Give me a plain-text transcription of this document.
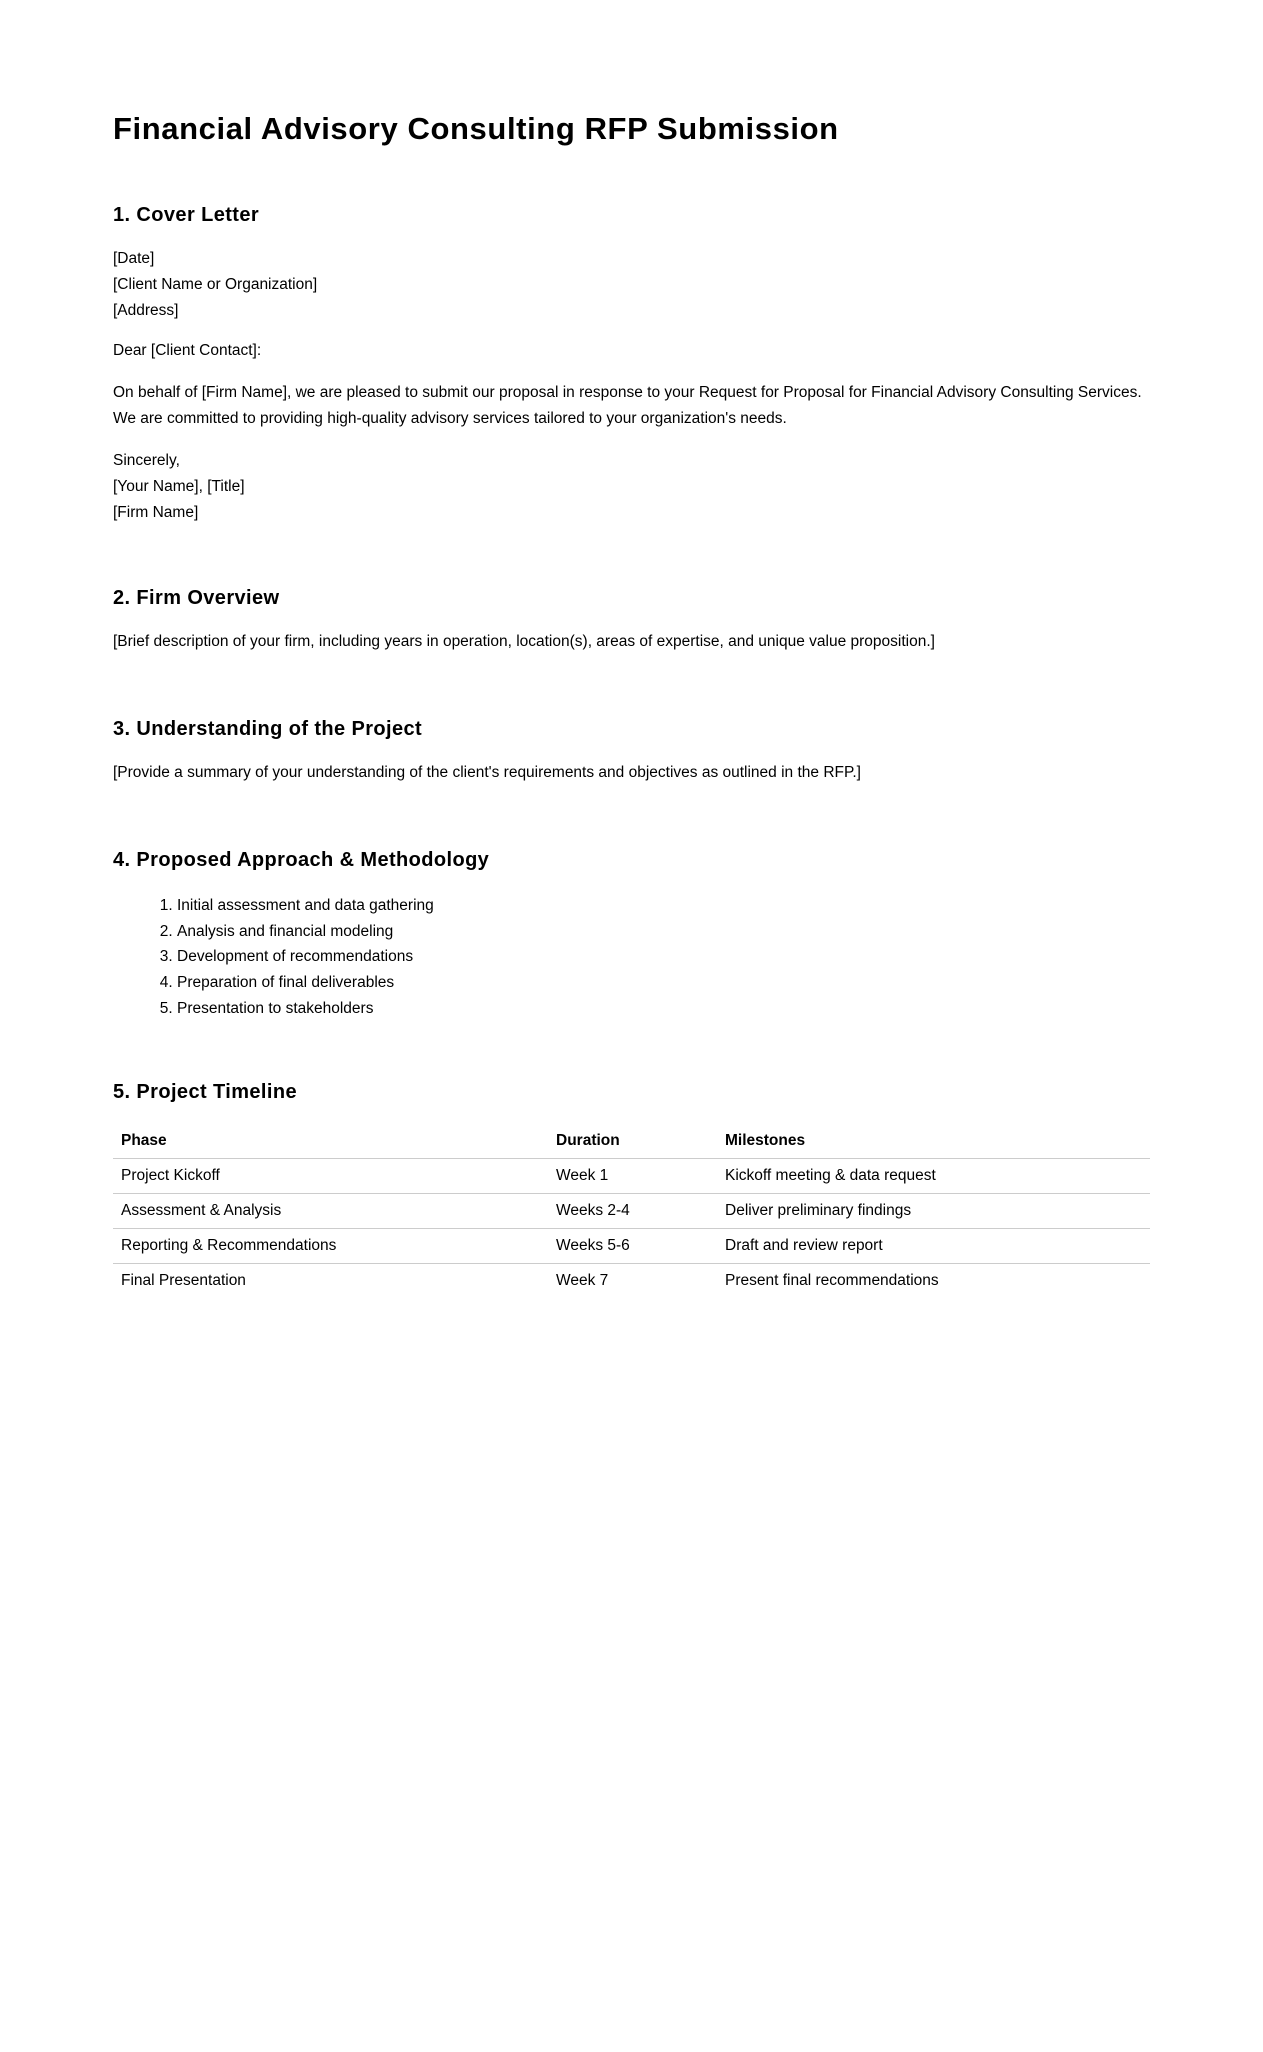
Financial Advisory Consulting RFP Submission
1. Cover Letter
[Date]
[Client Name or Organization]
[Address]
Dear [Client Contact]:
On behalf of [Firm Name], we are pleased to submit our proposal in response to your Request for Proposal for Financial Advisory Consulting Services. We are committed to providing high-quality advisory services tailored to your organization's needs.
Sincerely,
[Your Name], [Title]
[Firm Name]
2. Firm Overview
[Brief description of your firm, including years in operation, location(s), areas of expertise, and unique value proposition.]
3. Understanding of the Project
[Provide a summary of your understanding of the client's requirements and objectives as outlined in the RFP.]
4. Proposed Approach & Methodology
1. Initial assessment and data gathering
2. Analysis and financial modeling
3. Development of recommendations
4. Preparation of final deliverables
5. Presentation to stakeholders
5. Project Timeline
Phase	Duration	Milestones
Project Kickoff	Week 1	Kickoff meeting & data request
Assessment & Analysis	Weeks 2-4	Deliver preliminary findings
Reporting & Recommendations	Weeks 5-6	Draft and review report
Final Presentation	Week 7	Present final recommendations
